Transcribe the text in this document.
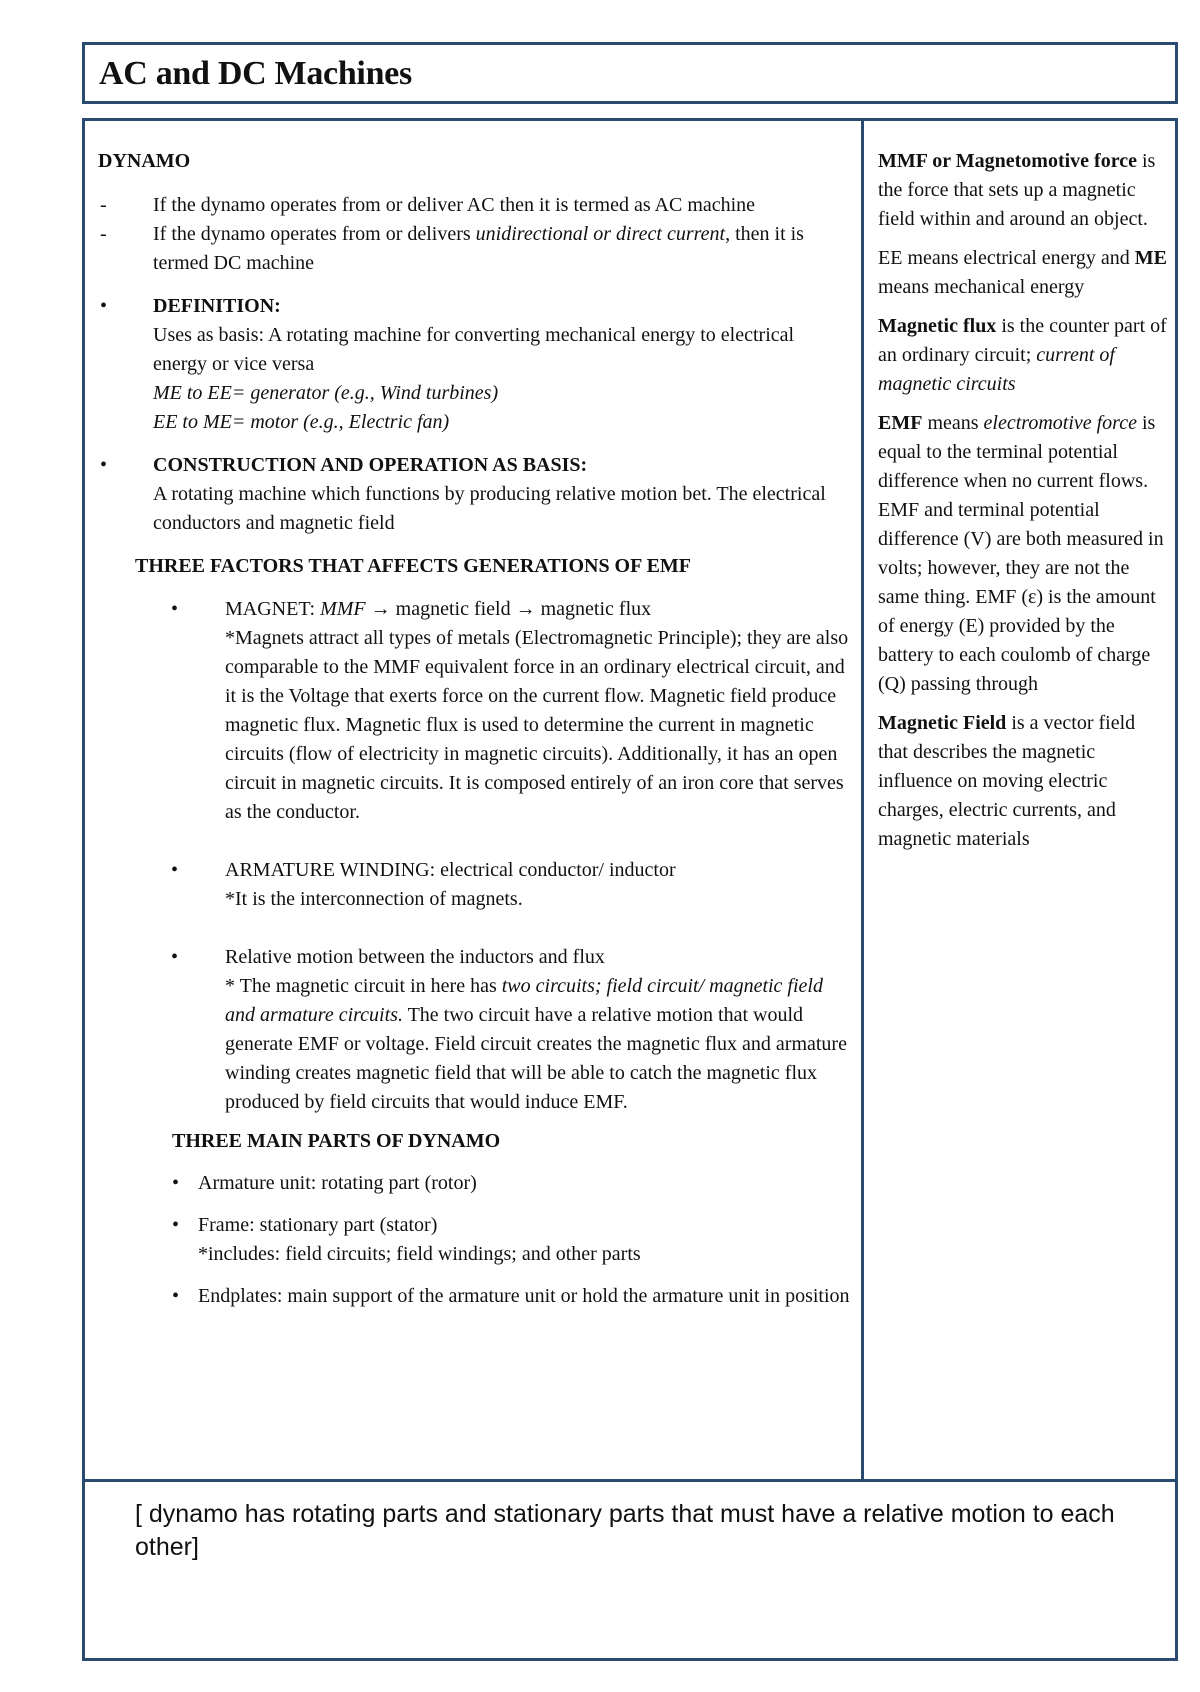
AC and DC Machines

DYNAMO

- If the dynamo operates from or deliver AC then it is termed as AC machine
- If the dynamo operates from or delivers unidirectional or direct current, then it is termed DC machine
• DEFINITION:

Uses as basis: A rotating machine for converting mechanical energy to electrical energy or vice versa

ME to EE= generator (e.g., Wind turbines)

EE to ME= motor (e.g., Electric fan)

• CONSTRUCTION AND OPERATION AS BASIS:

A rotating machine which functions by producing relative motion bet. The electrical conductors and magnetic field

THREE FACTORS THAT AFFECTS GENERATIONS OF EMF

• MAGNET: MMF → magnetic field → magnetic flux

*Magnets attract all types of metals (Electromagnetic Principle); they are also comparable to the MMF equivalent force in an ordinary electrical circuit, and it is the Voltage that exerts force on the current flow. Magnetic field produce magnetic flux. Magnetic flux is used to determine the current in magnetic circuits (flow of electricity in magnetic circuits). Additionally, it has an open circuit in magnetic circuits. It is composed entirely of an iron core that serves as the conductor.

• ARMATURE WINDING: electrical conductor/ inductor

*It is the interconnection of magnets.

• Relative motion between the inductors and flux

* The magnetic circuit in here has two circuits; field circuit/ magnetic field and armature circuits. The two circuit have a relative motion that would generate EMF or voltage. Field circuit creates the magnetic flux and armature winding creates magnetic field that will be able to catch the magnetic flux produced by field circuits that would induce EMF.

THREE MAIN PARTS OF DYNAMO

• Armature unit: rotating part (rotor)

• Frame: stationary part (stator)

*includes: field circuits; field windings; and other parts

• Endplates: main support of the armature unit or hold the armature unit in position

MMF or Magnetomotive force is the force that sets up a magnetic field within and around an object.

EE means electrical energy and ME means mechanical energy

Magnetic flux is the counter part of an ordinary circuit; current of magnetic circuits

EMF means electromotive force is equal to the terminal potential difference when no current flows. EMF and terminal potential difference (V) are both measured in volts; however, they are not the same thing. EMF (ε) is the amount of energy (E) provided by the battery to each coulomb of charge (Q) passing through

Magnetic Field is a vector field that describes the magnetic influence on moving electric charges, electric currents, and magnetic materials

[ dynamo has rotating parts and stationary parts that must have a relative motion to each other]
